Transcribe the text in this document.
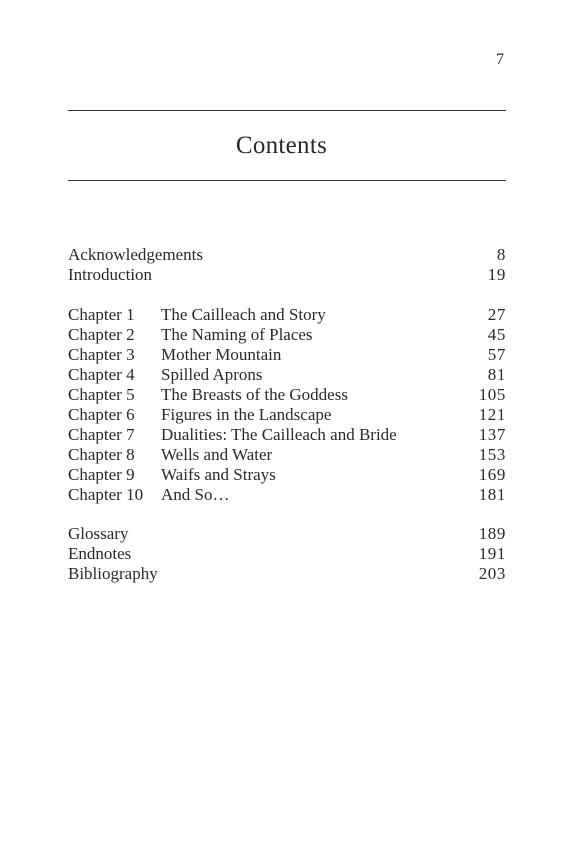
7
Contents
Acknowledgements	8
Introduction	19
Chapter 1 The Cailleach and Story	27
Chapter 2 The Naming of Places	45
Chapter 3 Mother Mountain	57
Chapter 4 Spilled Aprons	81
Chapter 5 The Breasts of the Goddess	105
Chapter 6 Figures in the Landscape	121
Chapter 7 Dualities: The Cailleach and Bride	137
Chapter 8 Wells and Water	153
Chapter 9 Waifs and Strays	169
Chapter 10 And So…	181
Glossary	189
Endnotes	191
Bibliography	203
